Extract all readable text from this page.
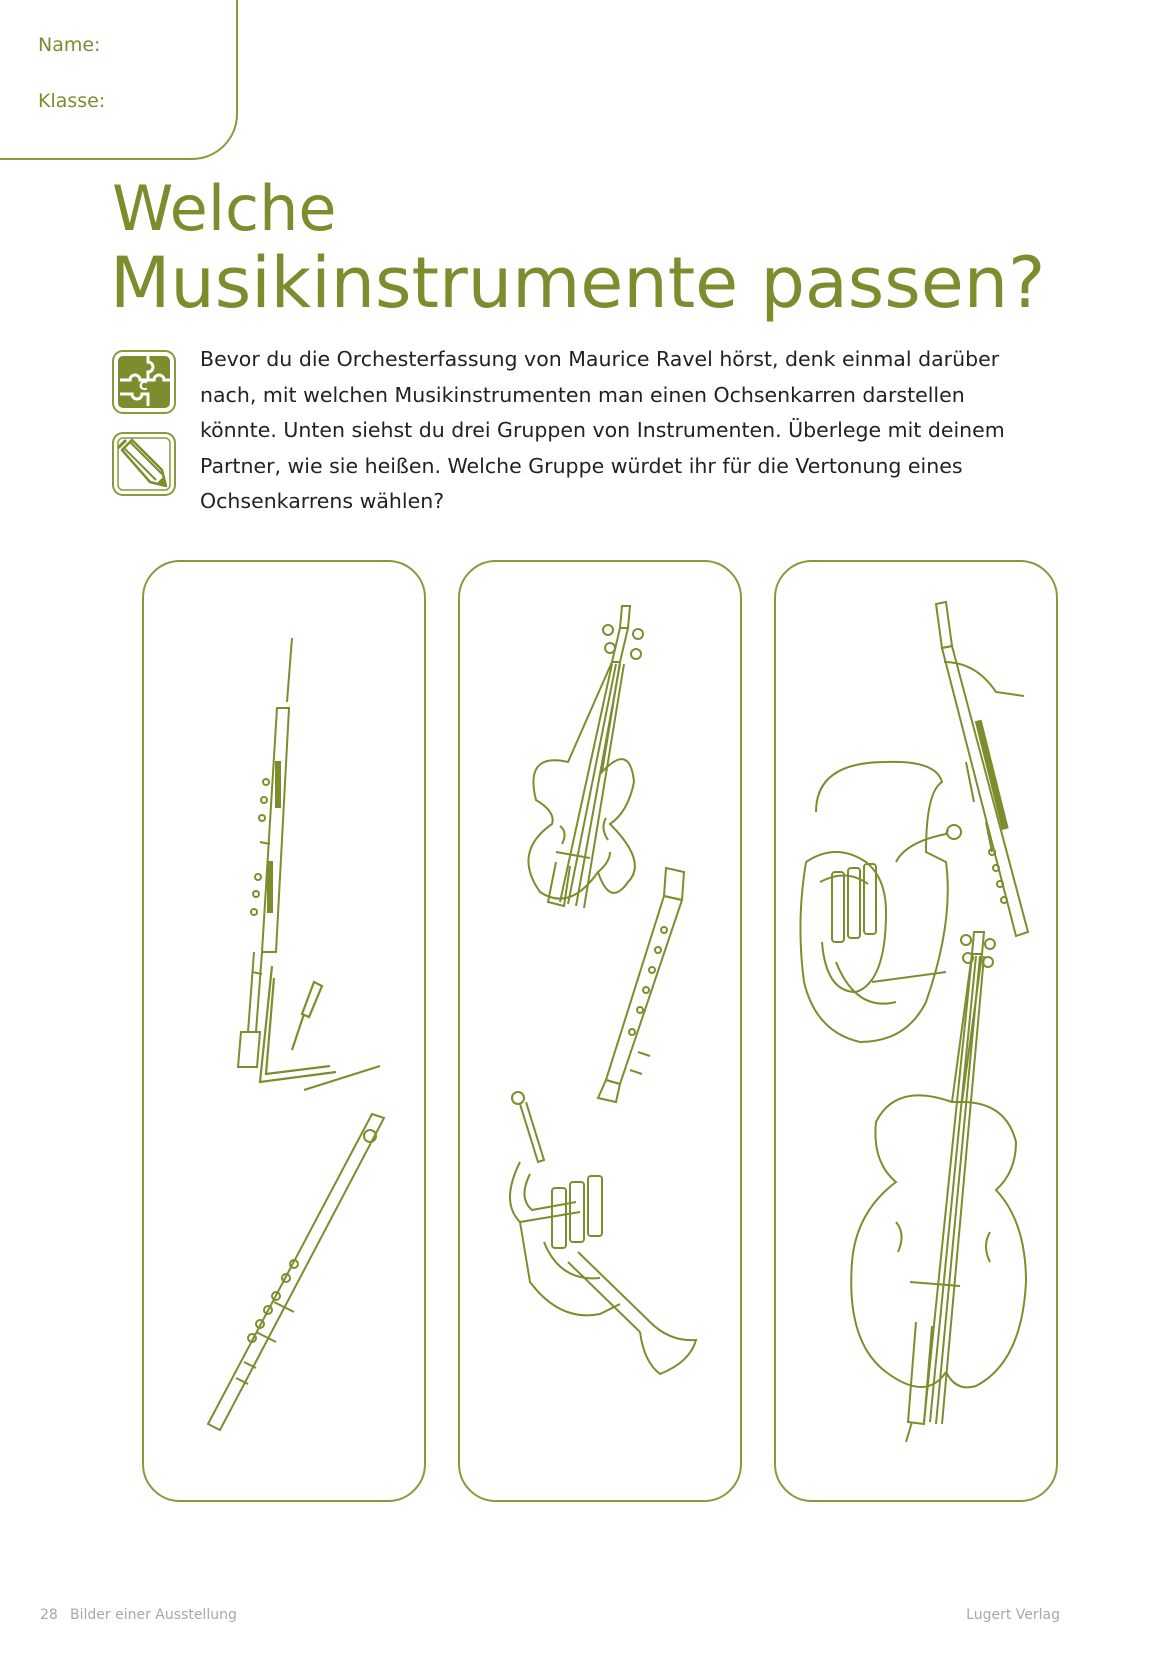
Name:
Klasse:
Welche
Musikinstrumente passen?
C

Bevor du die Orchesterfassung von Maurice Ravel hörst, denk einmal darüber nach, mit welchen Musikinstrumenten man einen Ochsenkarren darstellen könnte. Unten siehst du drei Gruppen von Instrumenten. Überlege mit deinem Partner, wie sie heißen. Welche Gruppe würdet ihr für die Vertonung eines Ochsenkarrens wählen?

28 Bilder einer Ausstellung	Lugert Verlag
